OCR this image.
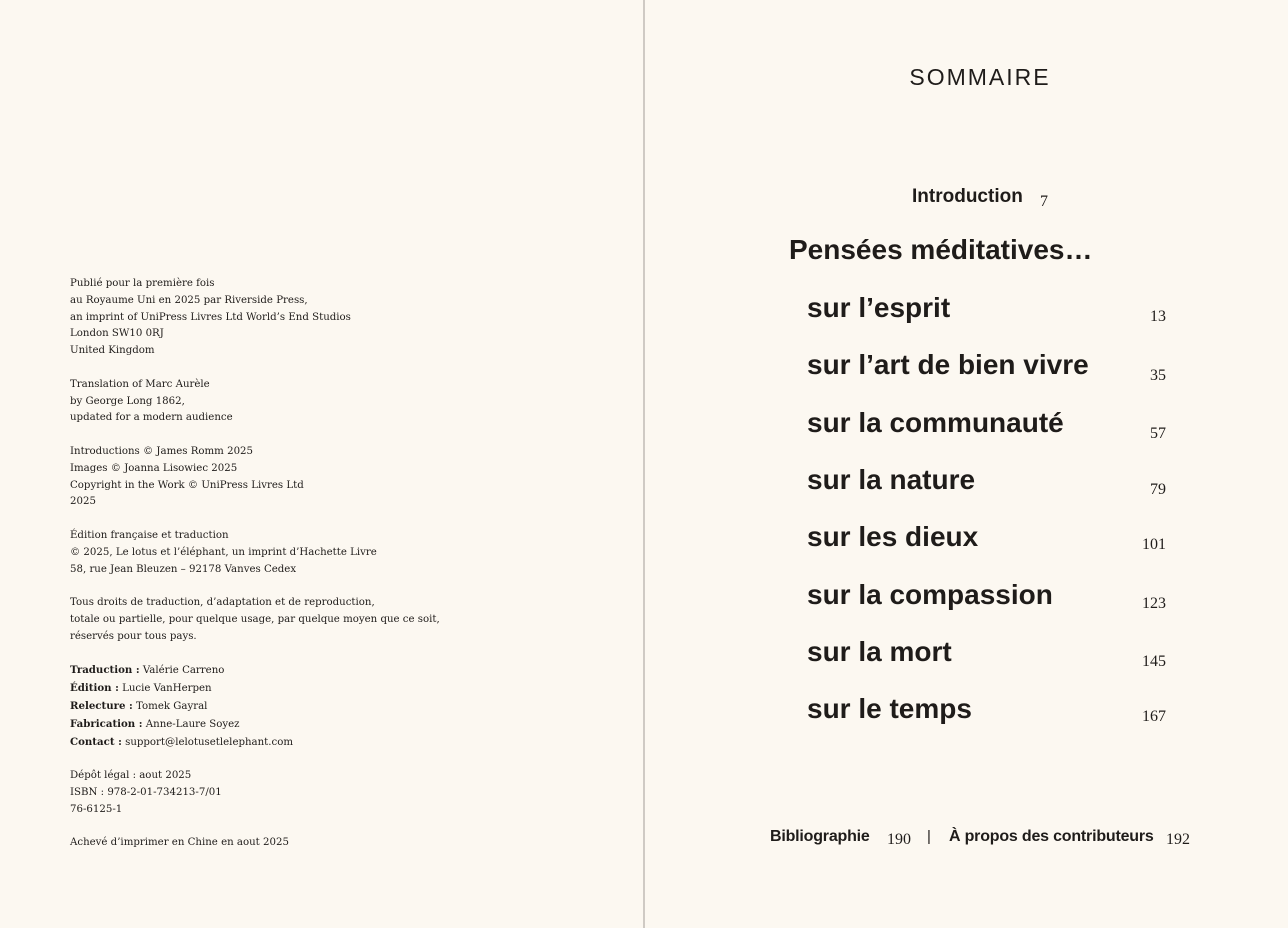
Publié pour la première fois
au Royaume Uni en 2025 par Riverside Press,
an imprint of UniPress Livres Ltd World’s End Studios
London SW10 0RJ
United Kingdom
Translation of Marc Aurèle
by George Long 1862,
updated for a modern audience
Introductions © James Romm 2025
Images © Joanna Lisowiec 2025
Copyright in the Work © UniPress Livres Ltd
2025
Édition française et traduction
© 2025, Le lotus et l’éléphant, un imprint d’Hachette Livre
58, rue Jean Bleuzen – 92178 Vanves Cedex
Tous droits de traduction, d’adaptation et de reproduction,
totale ou partielle, pour quelque usage, par quelque moyen que ce soit,
réservés pour tous pays.
Traduction : Valérie Carreno
Édition : Lucie VanHerpen
Relecture : Tomek Gayral
Fabrication : Anne-Laure Soyez
Contact : support@lelotusetlelephant.com
Dépôt légal : aout 2025
ISBN : 978-2-01-734213-7/01
76-6125-1
Achevé d’imprimer en Chine en aout 2025
SOMMAIRE
Introduction 7
Pensées méditatives…
sur l’esprit	13
sur l’art de bien vivre	35
sur la communauté	57
sur la nature	79
sur les dieux	101
sur la compassion	123
sur la mort	145
sur le temps	167
Bibliographie 190 | À propos des contributeurs 192
